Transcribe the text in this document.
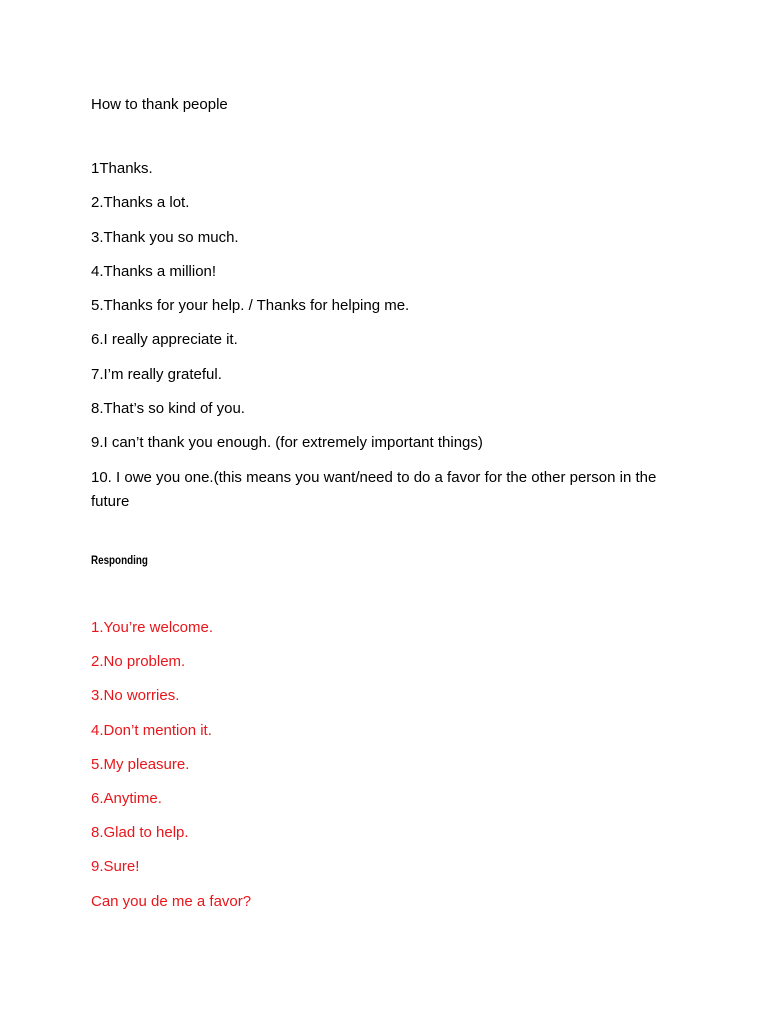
How to thank people
1Thanks.
2.Thanks a lot.
3.Thank you so much.
4.Thanks a million!
5.Thanks for your help. / Thanks for helping me.
6.I really appreciate it.
7.I’m really grateful.
8.That’s so kind of you.
9.I can’t thank you enough. (for extremely important things)
10. I owe you one.(this means you want/need to do a favor for the other person in the future
Responding
1.You’re welcome.
2.No problem.
3.No worries.
4.Don’t mention it.
5.My pleasure.
6.Anytime.
8.Glad to help.
9.Sure!
Can you de me a favor?
